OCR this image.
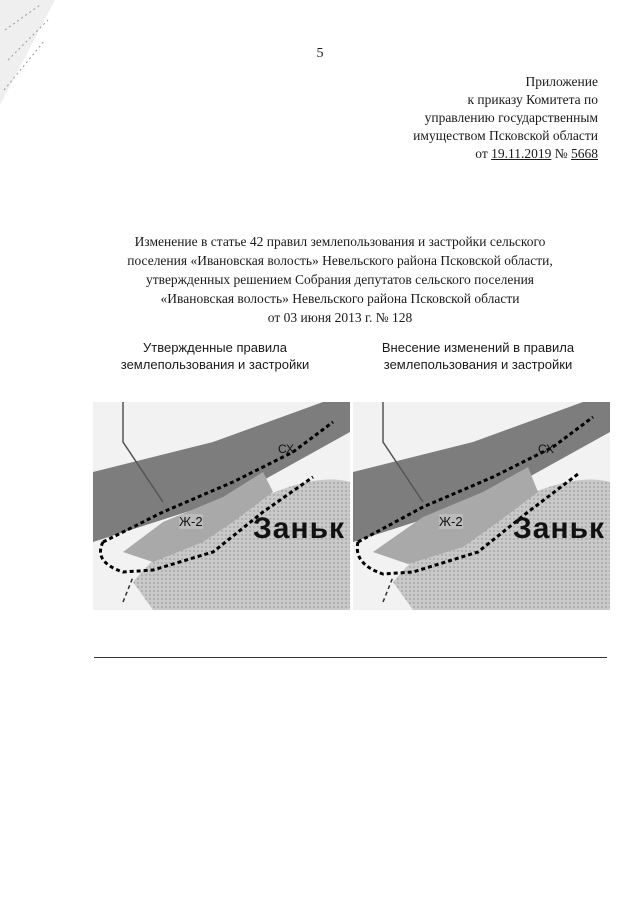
5
Приложение
к приказу Комитета по
управлению государственным
имуществом Псковской области
от 19.11.2019 № 5668
Изменение в статье 42 правил землепользования и застройки сельского
поселения «Ивановская волость» Невельского района Псковской области,
утвержденных решением Собрания депутатов сельского поселения
«Ивановская волость» Невельского района Псковской области
от 03 июня 2013 г. № 128
Утвержденные правила
землепользования и застройки
Внесение изменений в правила
землепользования и застройки
Ж-2
СХ
Заньк	Ж-2
СХ
Заньк
